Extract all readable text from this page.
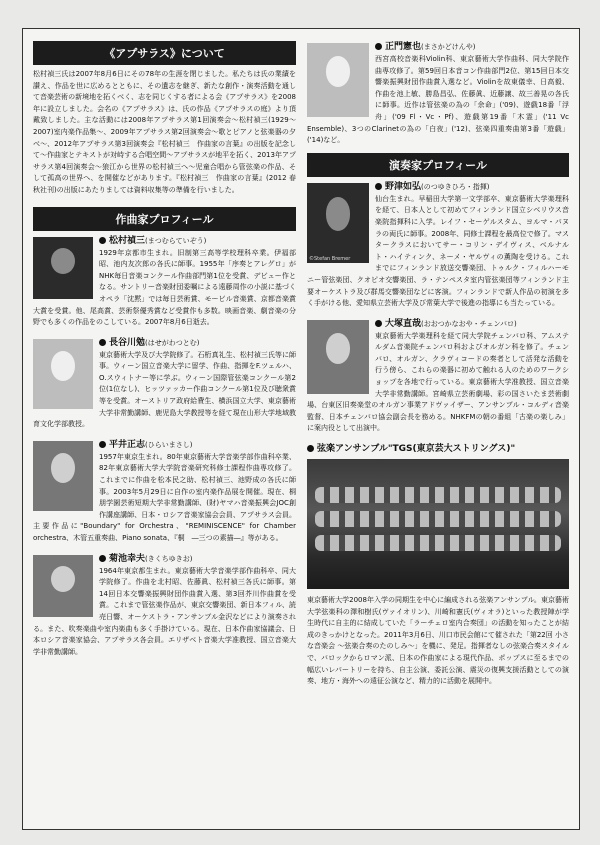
《アプサラス》について

松村禎三氏は2007年8月6日にその78年の生涯を閉じました。私たちは氏の業績を讃え、作品を世に広めるとともに、その遺志を継ぎ、新たな創作・演奏活動を通して音楽芸術の新境地を拓くべく、志を同じくする者による会《アプサラス》を2008年に設立しました。会名の《アプサラス》は、氏の作品《アプサラスの庭》より頂戴致しました。主な活動には2008年アプサラス第1回演奏会〜松村禎三(1929〜2007)室内楽作品集〜、2009年アプサラス第2回演奏会〜歌とピアノと弦楽器の夕べ〜、2012年アプサラス第3回演奏会『松村禎三　作曲家の言葉』の出版を記念して〜作曲家とテキストが対峙する合唱空間〜アプサラスが地平を拓く、2013年アプサラス第4回演奏会〜狼江から世界の松村禎三へ〜児童合唱から管弦楽の作品、そして孤高の世界へ、を開催などがあります。『松村禎三　作曲家の言葉』(2012 春秋社刊)の出版にあたりましては資料収集等の準備を行いました。

作曲家プロフィール

松村禎三(まつむらていぞう)

1929年京都市生まれ。旧制第三高等学校理科卒業。伊福部昭、池内友次郎の各氏に師事。1955年「序奏とアレグロ」がNHK毎日音楽コンクール作曲部門第1位を受賞、デビュー作となる。サントリー音楽財団委嘱による遠藤周作の小説に基づくオペラ「沈黙」では毎日芸術賞、モービル音楽賞、京都音楽賞大賞を受賞。他、尾高賞、芸術祭優秀賞など受賞作も多数。映画音楽、劇音楽の分野でも多くの作品をのこしている。2007年8月6日逝去。

長谷川勉(はせがわつとむ)

東京藝術大学及び大学院修了。石桁真礼生、松村禎三氏等に師事。ウィーン国立音楽大学に留学、作曲、指揮をF.ツェルハ、O.スウィトナー等に学ぶ。ウィーン国際管弦楽コンクール第2位(1位なし)、ヒッツァッカー作曲コンクール第1位及び聴衆賞等を受賞。オーストリア政府給費生、横浜国立大学、東京藝術大学非常勤講師、鹿児島大学教授等を経て現在山形大学地域教育文化学部教授。

平井正志(ひらいまさし)

1957年東京生まれ。80年東京藝術大学音楽学部作曲科卒業、82年東京藝術大学大学院音楽研究科修士課程作曲専攻修了。これまでに作曲を松本民之助、松村禎三、池野成の各氏に師事。2003年5月29日に自作の室内楽作品展を開催。現在、桐朋学園芸術短期大学非常勤講師、(財)ヤマハ音楽振興会JOC創作講座講師、日本・ロシア音楽家協会会員、アプサラス会員。主要作品に"Boundary" for Orchestra、"REMINISCENCE" for Chamber orchestra、木管五重奏曲、Piano sonata、『桐　―三つの素描―』等がある。

菊池幸夫(きくちゆきお)

1964年東京都生まれ。東京藝術大学音楽学部作曲科卒、同大学院修了。作曲を北村昭、佐藤眞、松村禎三各氏に師事。第14回日本交響楽振興財団作曲賞入選、第3回芥川作曲賞を受賞。これまで管弦楽作品が、東京交響楽団、新日本フィル、読売日響、オーケストラ・アンサンブル金沢などにより演奏される。また、吹奏楽曲や室内楽曲も多く手掛けている。現在、日本作曲家協議会、日本ロシア音楽家協会、アプサラス各会員。エリザベト音楽大学准教授、国立音楽大学非常勤講師。

正門憲也(まさかどけんや)

西宮高校音楽科Violin科、東京藝術大学作曲科、同大学院作曲専攻修了。第59回日本音コン作曲部門2位、第15回日本交響楽振興財団作曲賞入選など。Violinを故東儀幸、日高毅、作曲を池上敏、勝島昌弘、佐藤眞、近藤譲、故三善晃の各氏に師事。近作は管弦楽の為の「余命」('09)、遊戯18番「浮舟」('09 Fl・Vc・Pf)、遊戯第19番「木霊」('11 Vc Ensemble)、3つのClarinetの為の「白夜」('12)、弦楽四重奏曲第3番「遊戯」('14)など。

演奏家プロフィール
©Stefan Bremer

野津如弘(のつゆきひろ・指揮)

仙台生まれ。早稲田大学第一文学部卒、東京藝術大学楽理科を経て、日本人として初めてフィンランド国立シベリウス音楽院指揮科に入学。レイフ・セーゲルスタム、ヨルマ・パヌラの両氏に師事。2008年、同修士課程を最高位で修了。マスタークラスにおいてサー・コリン・デイヴィス、ベルナルト・ハイティンク、ネーメ・ヤルヴィの薫陶を受ける。これまでにフィンランド放送交響楽団、トゥルク・フィルハーモニー管弦楽団、クオピオ交響楽団、ラ・テンペスタ室内管弦楽団等フィンランド主要オーケストラ及び群馬交響楽団などに客演。フィンランドで新人作品の初演を多く手がける他、愛知県立芸術大学及び常葉大学で後進の指導にも当たっている。

大塚直哉(おおつかなおや・チェンバロ)

東京藝術大学楽理科を経て同大学院チェンバロ科、アムステルダム音楽院チェンバロ科およびオルガン科を修了。チェンバロ、オルガン、クラヴィコードの奏者として活発な活動を行う傍ら、これらの楽器に初めて触れる人のためのワークショップを各地で行っている。東京藝術大学准教授、国立音楽大学非常勤講師。宮崎県立芸術劇場、彩の国さいたま芸術劇場、台東区旧奏楽堂のオルガン事業アドヴァイザー、アンサンブル・コルディ音楽監督、日本チェンバロ協会副会長を務める。NHKFMの朝の番組「古楽の楽しみ」に案内役として出演中。

弦楽アンサンブル"TGS(東京芸大ストリングス)"

東京藝術大学2008年入学の同期生を中心に編成される弦楽アンサンブル。東京藝術大学弦楽科の澤和樹氏(ヴァイオリン)、川崎和憲氏(ヴィオラ)といった教授陣が学生時代に自主的に結成していた「ラーチェロ室内合奏団」の活動を知ったことが結成のきっかけとなった。2011年3月6日、川口市民会館にて催された「第22回 小さな音楽会 〜弦楽合奏のたのしみ〜」を機に、発足。指揮者なしの弦楽合奏スタイルで、バロックからロマン派、日本の作曲家による現代作品、ポップスに至るまでの幅広いレパートリーを持ち、自主公演、委託公演、震災の復興支援活動としての演奏、地方・海外への遠征公演など、精力的に活動を展開中。
